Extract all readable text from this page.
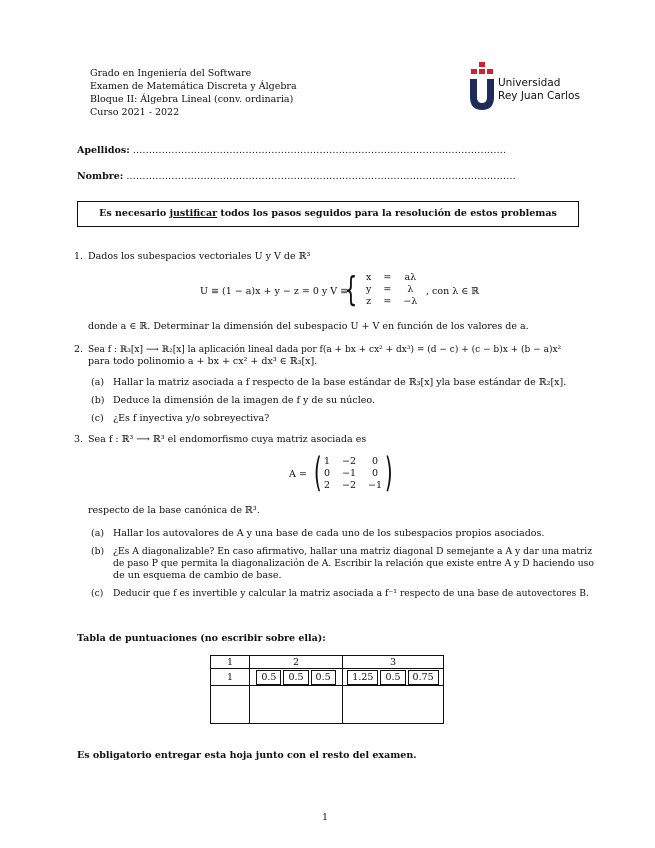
Grado en Ingeniería del Software
Examen de Matemática Discreta y Álgebra
Bloque II: Álgebra Lineal (conv. ordinaria)
Curso 2021 - 2022
Universidad
Rey Juan Carlos
Apellidos: ....................................................................................................................
Nombre: .........................................................................................................................
Es necesario justificar todos los pasos seguidos para la resolución de estos problemas
1. Dados los subespacios vectoriales U y V de ℝ³
U ≡ (1 − a)x + y − z = 0 y V ≡
{ x	=	aλ
y	=	λ
z	=	−λ
, con λ ∈ ℝ
donde a ∈ ℝ. Determinar la dimensión del subespacio U + V en función de los valores de a.
2. Sea f : ℝ₃[x] ⟶ ℝ₂[x] la aplicación lineal dada por f(a + bx + cx² + dx³) = (d − c) + (c − b)x + (b − a)x²
para todo polinomio a + bx + cx² + dx³ ∈ ℝ₃[x].
(a) Hallar la matriz asociada a f respecto de la base estándar de ℝ₃[x] yla base estándar de ℝ₂[x].
(b) Deduce la dimensión de la imagen de f y de su núcleo.
(c) ¿Es f inyectiva y/o sobreyectiva?
3. Sea f : ℝ³ ⟶ ℝ³ el endomorfismo cuya matriz asociada es
A = ( 1	−2	0
0	−1	0
2	−2	−1 )
respecto de la base canónica de ℝ³.
(a) Hallar los autovalores de A y una base de cada uno de los subespacios propios asociados.
(b) ¿Es A diagonalizable? En caso afirmativo, hallar una matriz diagonal D semejante a A y dar una matriz
de paso P que permita la diagonalización de A. Escribir la relación que existe entre A y D haciendo uso
de un esquema de cambio de base.
(c) Deducir que f es invertible y calcular la matriz asociada a f⁻¹ respecto de una base de autovectores B.
Tabla de puntuaciones (no escribir sobre ella):
1	2	3
1	0.5 0.5 0.5	1.25 0.5 0.75

Es obligatorio entregar esta hoja junto con el resto del examen.
1
